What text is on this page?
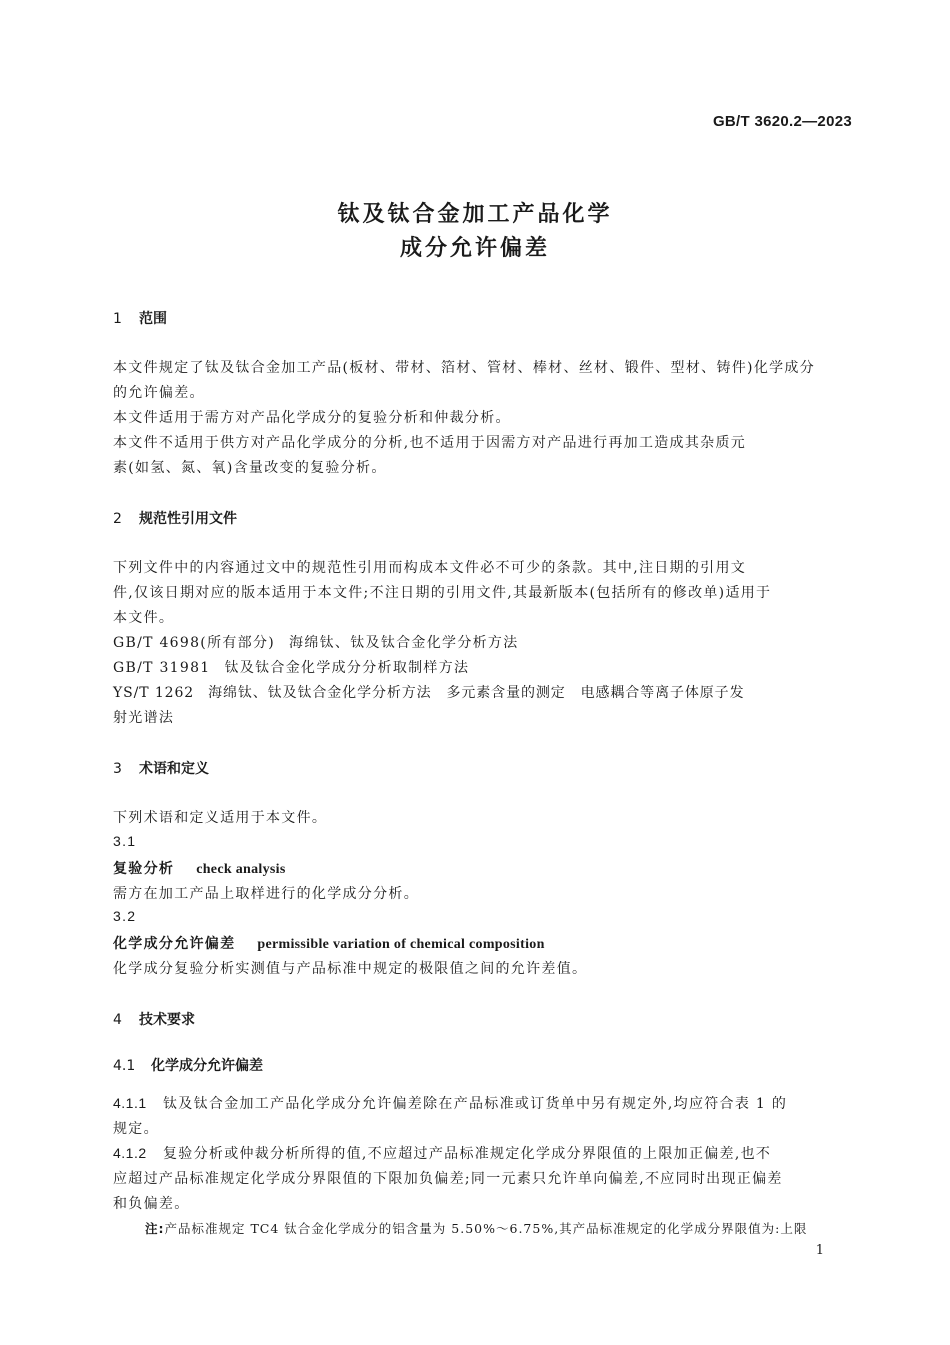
GB/T 3620.2—2023
钛及钛合金加工产品化学
成分允许偏差
1 范围
本文件规定了钛及钛合金加工产品(板材、带材、箔材、管材、棒材、丝材、锻件、型材、铸件)化学成分
的允许偏差。
本文件适用于需方对产品化学成分的复验分析和仲裁分析。
本文件不适用于供方对产品化学成分的分析,也不适用于因需方对产品进行再加工造成其杂质元
素(如氢、氮、氧)含量改变的复验分析。
2 规范性引用文件
下列文件中的内容通过文中的规范性引用而构成本文件必不可少的条款。其中,注日期的引用文
件,仅该日期对应的版本适用于本文件;不注日期的引用文件,其最新版本(包括所有的修改单)适用于
本文件。
GB/T 4698(所有部分) 海绵钛、钛及钛合金化学分析方法
GB/T 31981 钛及钛合金化学成分分析取制样方法
YS/T 1262 海绵钛、钛及钛合金化学分析方法　多元素含量的测定　电感耦合等离子体原子发
射光谱法
3 术语和定义
下列术语和定义适用于本文件。
3.1
复验分析 check analysis
需方在加工产品上取样进行的化学成分分析。
3.2
化学成分允许偏差 permissible variation of chemical composition
化学成分复验分析实测值与产品标准中规定的极限值之间的允许差值。
4 技术要求
4.1 化学成分允许偏差
4.1.1 钛及钛合金加工产品化学成分允许偏差除在产品标准或订货单中另有规定外,均应符合表 1 的
规定。
4.1.2 复验分析或仲裁分析所得的值,不应超过产品标准规定化学成分界限值的上限加正偏差,也不
应超过产品标准规定化学成分界限值的下限加负偏差;同一元素只允许单向偏差,不应同时出现正偏差
和负偏差。
注:产品标准规定 TC4 钛合金化学成分的铝含量为 5.50%～6.75%,其产品标准规定的化学成分界限值为:上限
1
